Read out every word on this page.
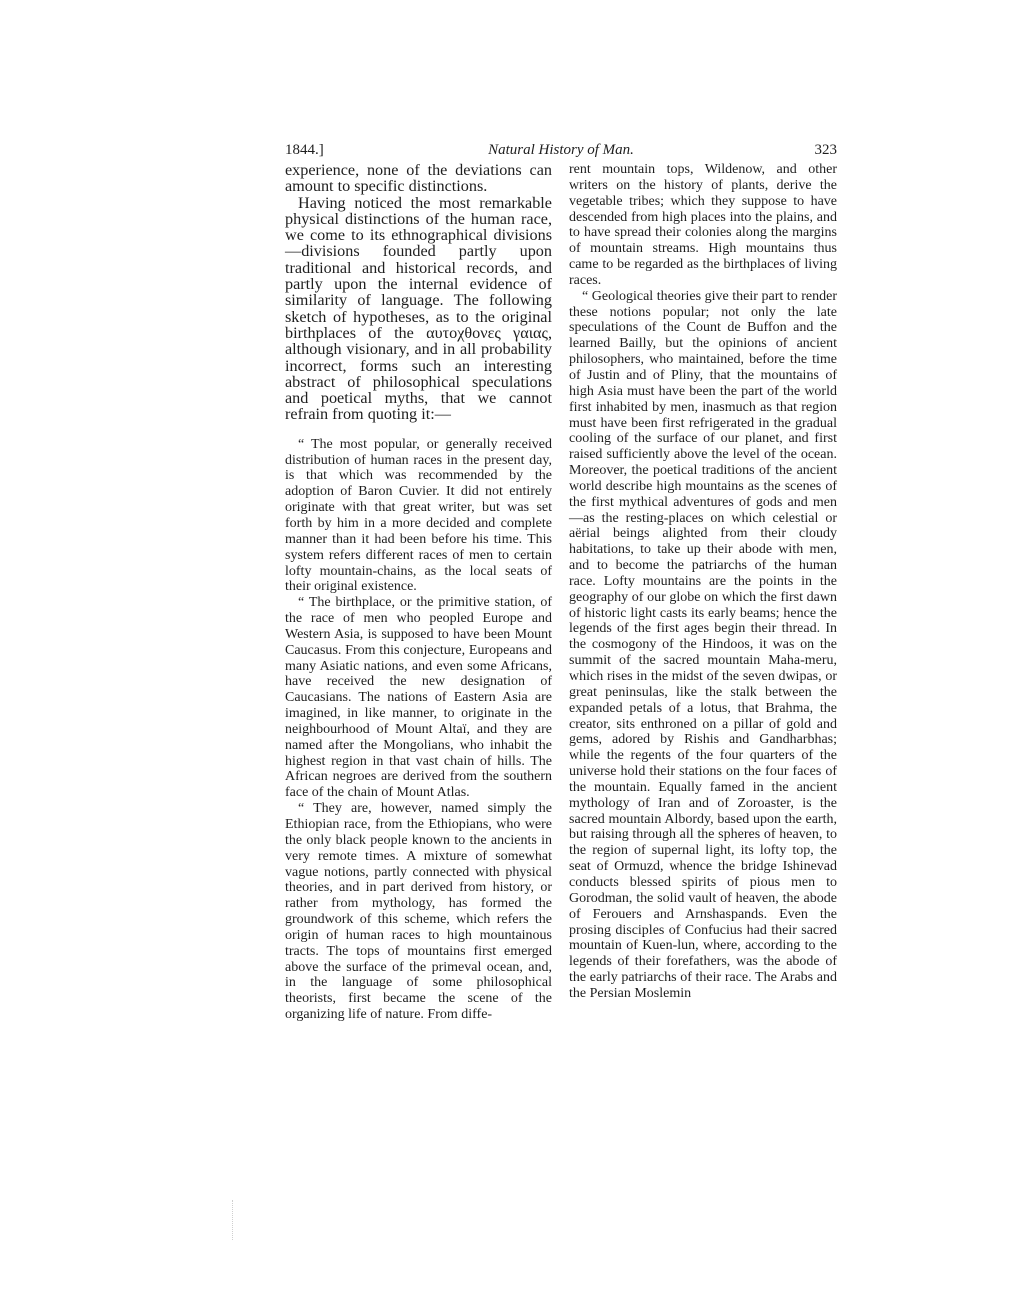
1844.]	Natural History of Man.	323

experience, none of the deviations can amount to specific distinctions.

Having noticed the most remarkable physical distinctions of the human race, we come to its ethnographical divisions—divisions founded partly upon traditional and historical records, and partly upon the internal evidence of similarity of language. The following sketch of hypotheses, as to the original birthplaces of the αυτοχθονες γαιας, although visionary, and in all probability incorrect, forms such an interesting abstract of philosophical speculations and poetical myths, that we cannot refrain from quoting it:—

“ The most popular, or generally received distribution of human races in the present day, is that which was recommended by the adoption of Baron Cuvier. It did not entirely originate with that great writer, but was set forth by him in a more decided and complete manner than it had been before his time. This system refers different races of men to certain lofty mountain-chains, as the local seats of their original existence.

“ The birthplace, or the primitive station, of the race of men who peopled Europe and Western Asia, is supposed to have been Mount Caucasus. From this conjecture, Europeans and many Asiatic nations, and even some Africans, have received the new designation of Caucasians. The nations of Eastern Asia are imagined, in like manner, to originate in the neighbourhood of Mount Altaï, and they are named after the Mongolians, who inhabit the highest region in that vast chain of hills. The African negroes are derived from the southern face of the chain of Mount Atlas.

“ They are, however, named simply the Ethiopian race, from the Ethiopians, who were the only black people known to the ancients in very remote times. A mixture of somewhat vague notions, partly connected with physical theories, and in part derived from history, or rather from mythology, has formed the groundwork of this scheme, which refers the origin of human races to high mountainous tracts. The tops of mountains first emerged above the surface of the primeval ocean, and, in the language of some philosophical theorists, first became the scene of the organizing life of nature. From diffe-

rent mountain tops, Wildenow, and other writers on the history of plants, derive the vegetable tribes; which they suppose to have descended from high places into the plains, and to have spread their colonies along the margins of mountain streams. High mountains thus came to be regarded as the birthplaces of living races.

“ Geological theories give their part to render these notions popular; not only the late speculations of the Count de Buffon and the learned Bailly, but the opinions of ancient philosophers, who maintained, before the time of Justin and of Pliny, that the mountains of high Asia must have been the part of the world first inhabited by men, inasmuch as that region must have been first refrigerated in the gradual cooling of the surface of our planet, and first raised sufficiently above the level of the ocean. Moreover, the poetical traditions of the ancient world describe high mountains as the scenes of the first mythical adventures of gods and men—as the resting-places on which celestial or aërial beings alighted from their cloudy habitations, to take up their abode with men, and to become the patriarchs of the human race. Lofty mountains are the points in the geography of our globe on which the first dawn of historic light casts its early beams; hence the legends of the first ages begin their thread. In the cosmogony of the Hindoos, it was on the summit of the sacred mountain Maha-meru, which rises in the midst of the seven dwipas, or great peninsulas, like the stalk between the expanded petals of a lotus, that Brahma, the creator, sits enthroned on a pillar of gold and gems, adored by Rishis and Gandharbhas; while the regents of the four quarters of the universe hold their stations on the four faces of the mountain. Equally famed in the ancient mythology of Iran and of Zoroaster, is the sacred mountain Albordy, based upon the earth, but raising through all the spheres of heaven, to the region of supernal light, its lofty top, the seat of Ormuzd, whence the bridge Ishinevad conducts blessed spirits of pious men to Gorodman, the solid vault of heaven, the abode of Ferouers and Arnshaspands. Even the prosing disciples of Confucius had their sacred mountain of Kuen-lun, where, according to the legends of their forefathers, was the abode of the early patriarchs of their race. The Arabs and the Persian Moslemin
